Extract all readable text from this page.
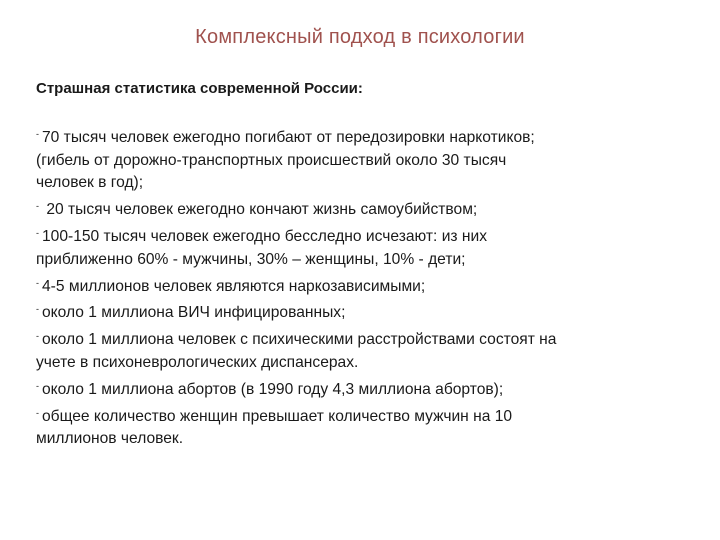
Комплексный подход в психологии
Страшная статистика современной России:

- 70 тысяч человек ежегодно погибают от передозировки наркотиков;

(гибель от дорожно-транспортных происшествий около 30 тысяч

человек в год);

- 20 тысяч человек ежегодно кончают жизнь самоубийством;

- 100-150 тысяч человек ежегодно бесследно исчезают: из них

приближенно 60% - мужчины, 30% – женщины, 10% - дети;

- 4-5 миллионов человек являются наркозависимыми;

- около 1 миллиона ВИЧ инфицированных;

- около 1 миллиона человек с психическими расстройствами состоят на

учете в психоневрологических диспансерах.

- около 1 миллиона абортов (в 1990 году 4,3 миллиона абортов);

- общее количество женщин превышает количество мужчин на 10

миллионов человек.
